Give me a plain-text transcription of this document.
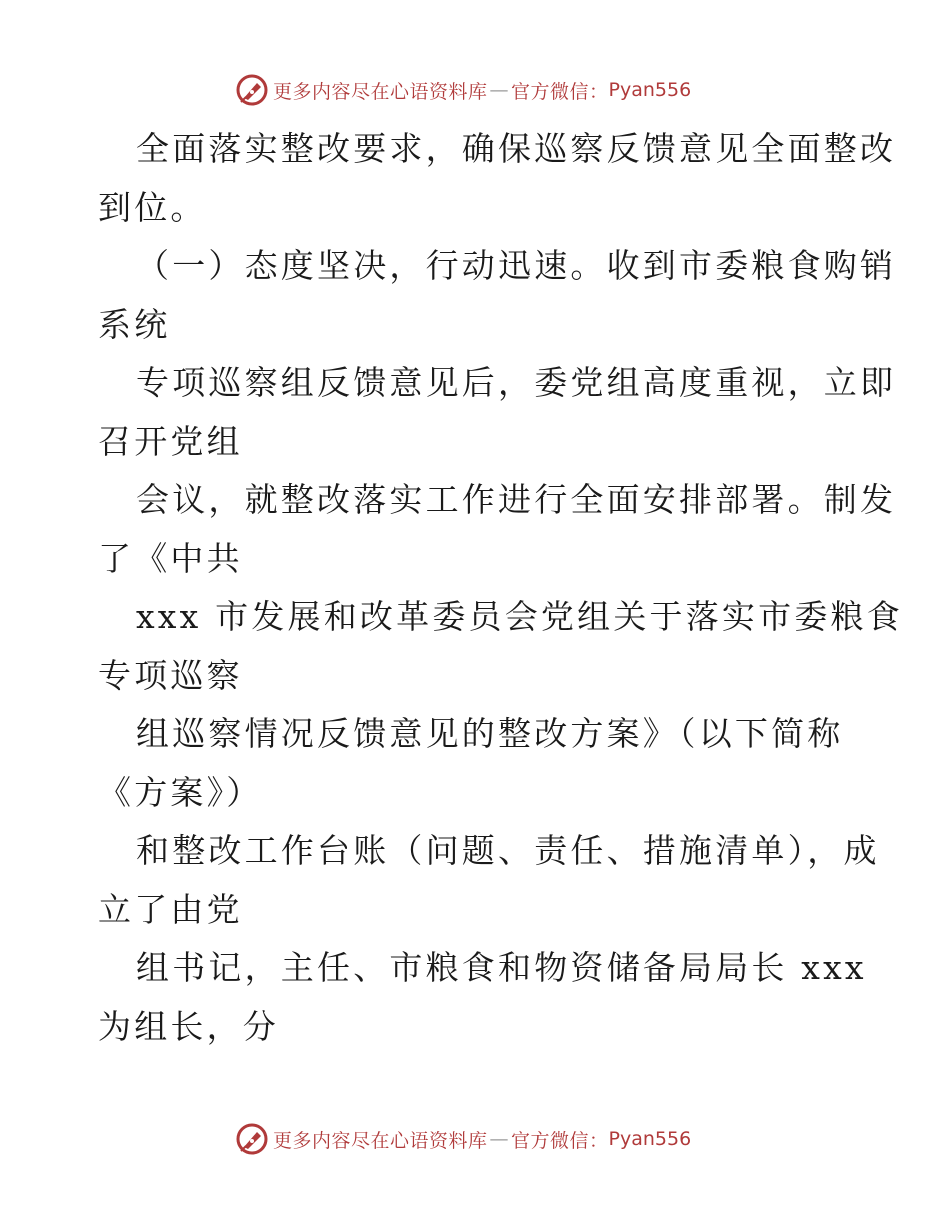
更多内容尽在心语资料库 — 官方微信： Pyan556
全面落实整改要求，确保巡察反馈意见全面整改
到位。
（一）态度坚决，行动迅速。收到市委粮食购销
系统
专项巡察组反馈意见后，委党组高度重视，立即
召开党组
会议，就整改落实工作进行全面安排部署。制发
了《中共
xxx 市发展和改革委员会党组关于落实市委粮食
专项巡察
组巡察情况反馈意见的整改方案》（以下简称
《方案》）
和整改工作台账（问题、责任、措施清单），成
立了由党
组书记，主任、市粮食和物资储备局局长 xxx
为组长，分
更多内容尽在心语资料库 — 官方微信： Pyan556
